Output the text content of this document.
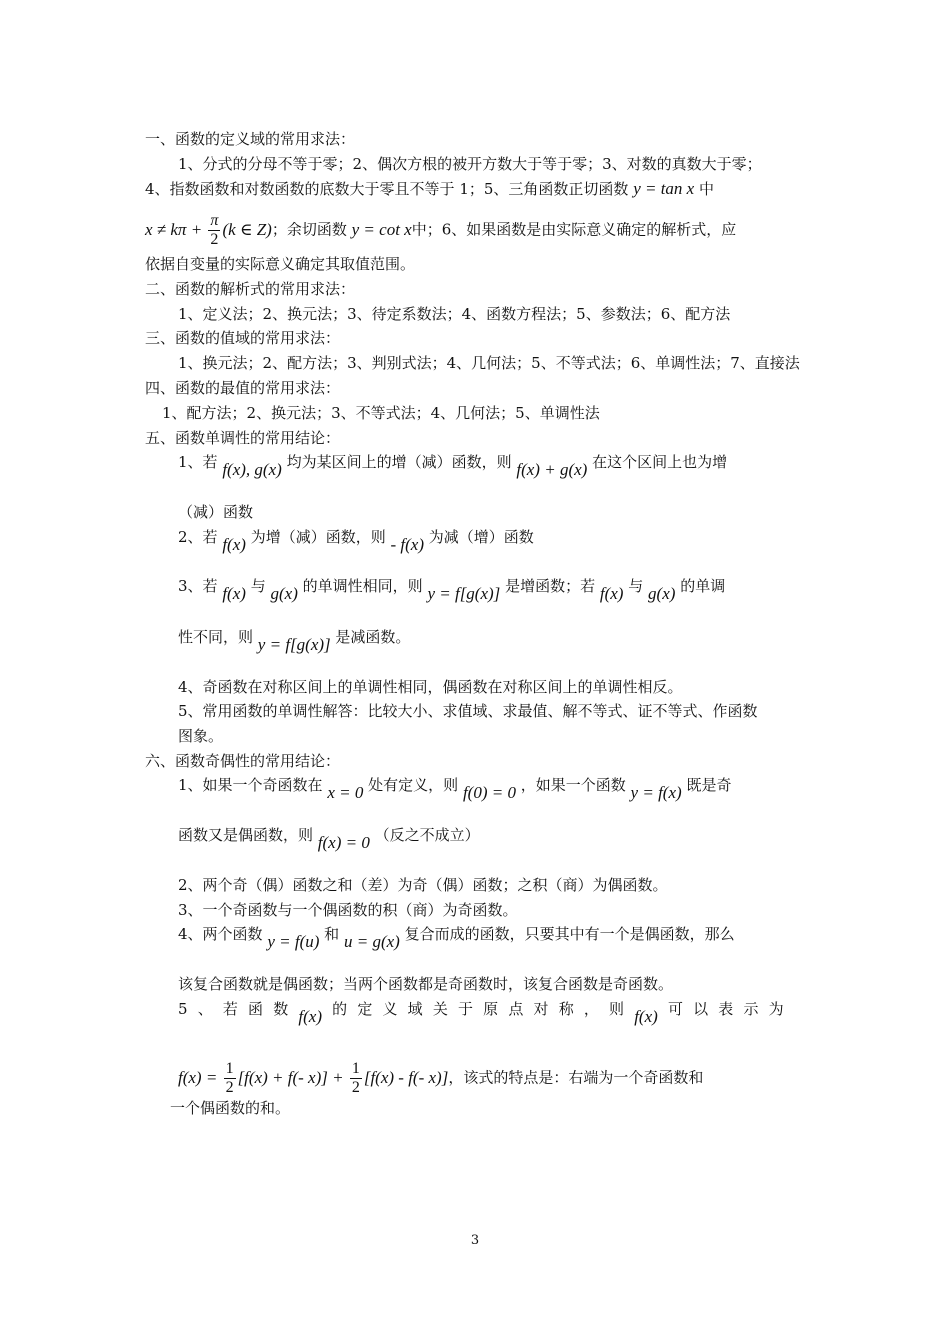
一、函数的定义域的常用求法：
1、分式的分母不等于零；2、偶次方根的被开方数大于等于零；3、对数的真数大于零；
4、指数函数和对数函数的底数大于零且不等于 1；5、三角函数正切函数 y = tan x 中
$x \ne k\pi + \frac{\pi}{2} (k$ ∈ Z)；余切函数 y = cot x中；6、如果函数是由实际意义确定的解析式，应
依据自变量的实际意义确定其取值范围。
二、函数的解析式的常用求法：
1、定义法；2、换元法；3、待定系数法；4、函数方程法；5、参数法；6、配方法
三、函数的值域的常用求法：
1、换元法；2、配方法；3、判别式法；4、几何法；5、不等式法；6、单调性法；7、直接法
四、函数的最值的常用求法：
1、配方法；2、换元法；3、不等式法；4、几何法；5、单调性法
五、函数单调性的常用结论：
1、若 f(x), g(x) 均为某区间上的增（减）函数，则 f(x) + g(x) 在这个区间上也为增
（减）函数
2、若 f(x) 为增（减）函数，则 - f(x) 为减（增）函数
3、若 f(x) 与 g(x) 的单调性相同，则 y = f[g(x)] 是增函数；若 f(x) 与 g(x) 的单调
性不同，则 y = f[g(x)] 是减函数。
4、奇函数在对称区间上的单调性相同，偶函数在对称区间上的单调性相反。
5、常用函数的单调性解答：比较大小、求值域、求最值、解不等式、证不等式、作函数
图象。
六、函数奇偶性的常用结论：
1、如果一个奇函数在 x = 0 处有定义，则 f(0) = 0 ，如果一个函数 y = f(x) 既是奇
函数又是偶函数，则 f(x) = 0 （反之不成立）
2、两个奇（偶）函数之和（差）为奇（偶）函数；之积（商）为偶函数。
3、一个奇函数与一个偶函数的积（商）为奇函数。
4、两个函数 y = f(u) 和 u = g(x) 复合而成的函数，只要其中有一个是偶函数，那么
该复合函数就是偶函数；当两个函数都是奇函数时，该复合函数是奇函数。
5 、 若 函 数 f(x) 的 定 义 域 关 于 原 点 对 称 ， 则 f(x) 可 以 表 示 为
$f(x) = \frac{1}{2} [f(x) + f(-$ $x)] + \frac{1}{2} [f(x) - f(-$ x)]，该式的特点是：右端为一个奇函数和
一个偶函数的和。
3
